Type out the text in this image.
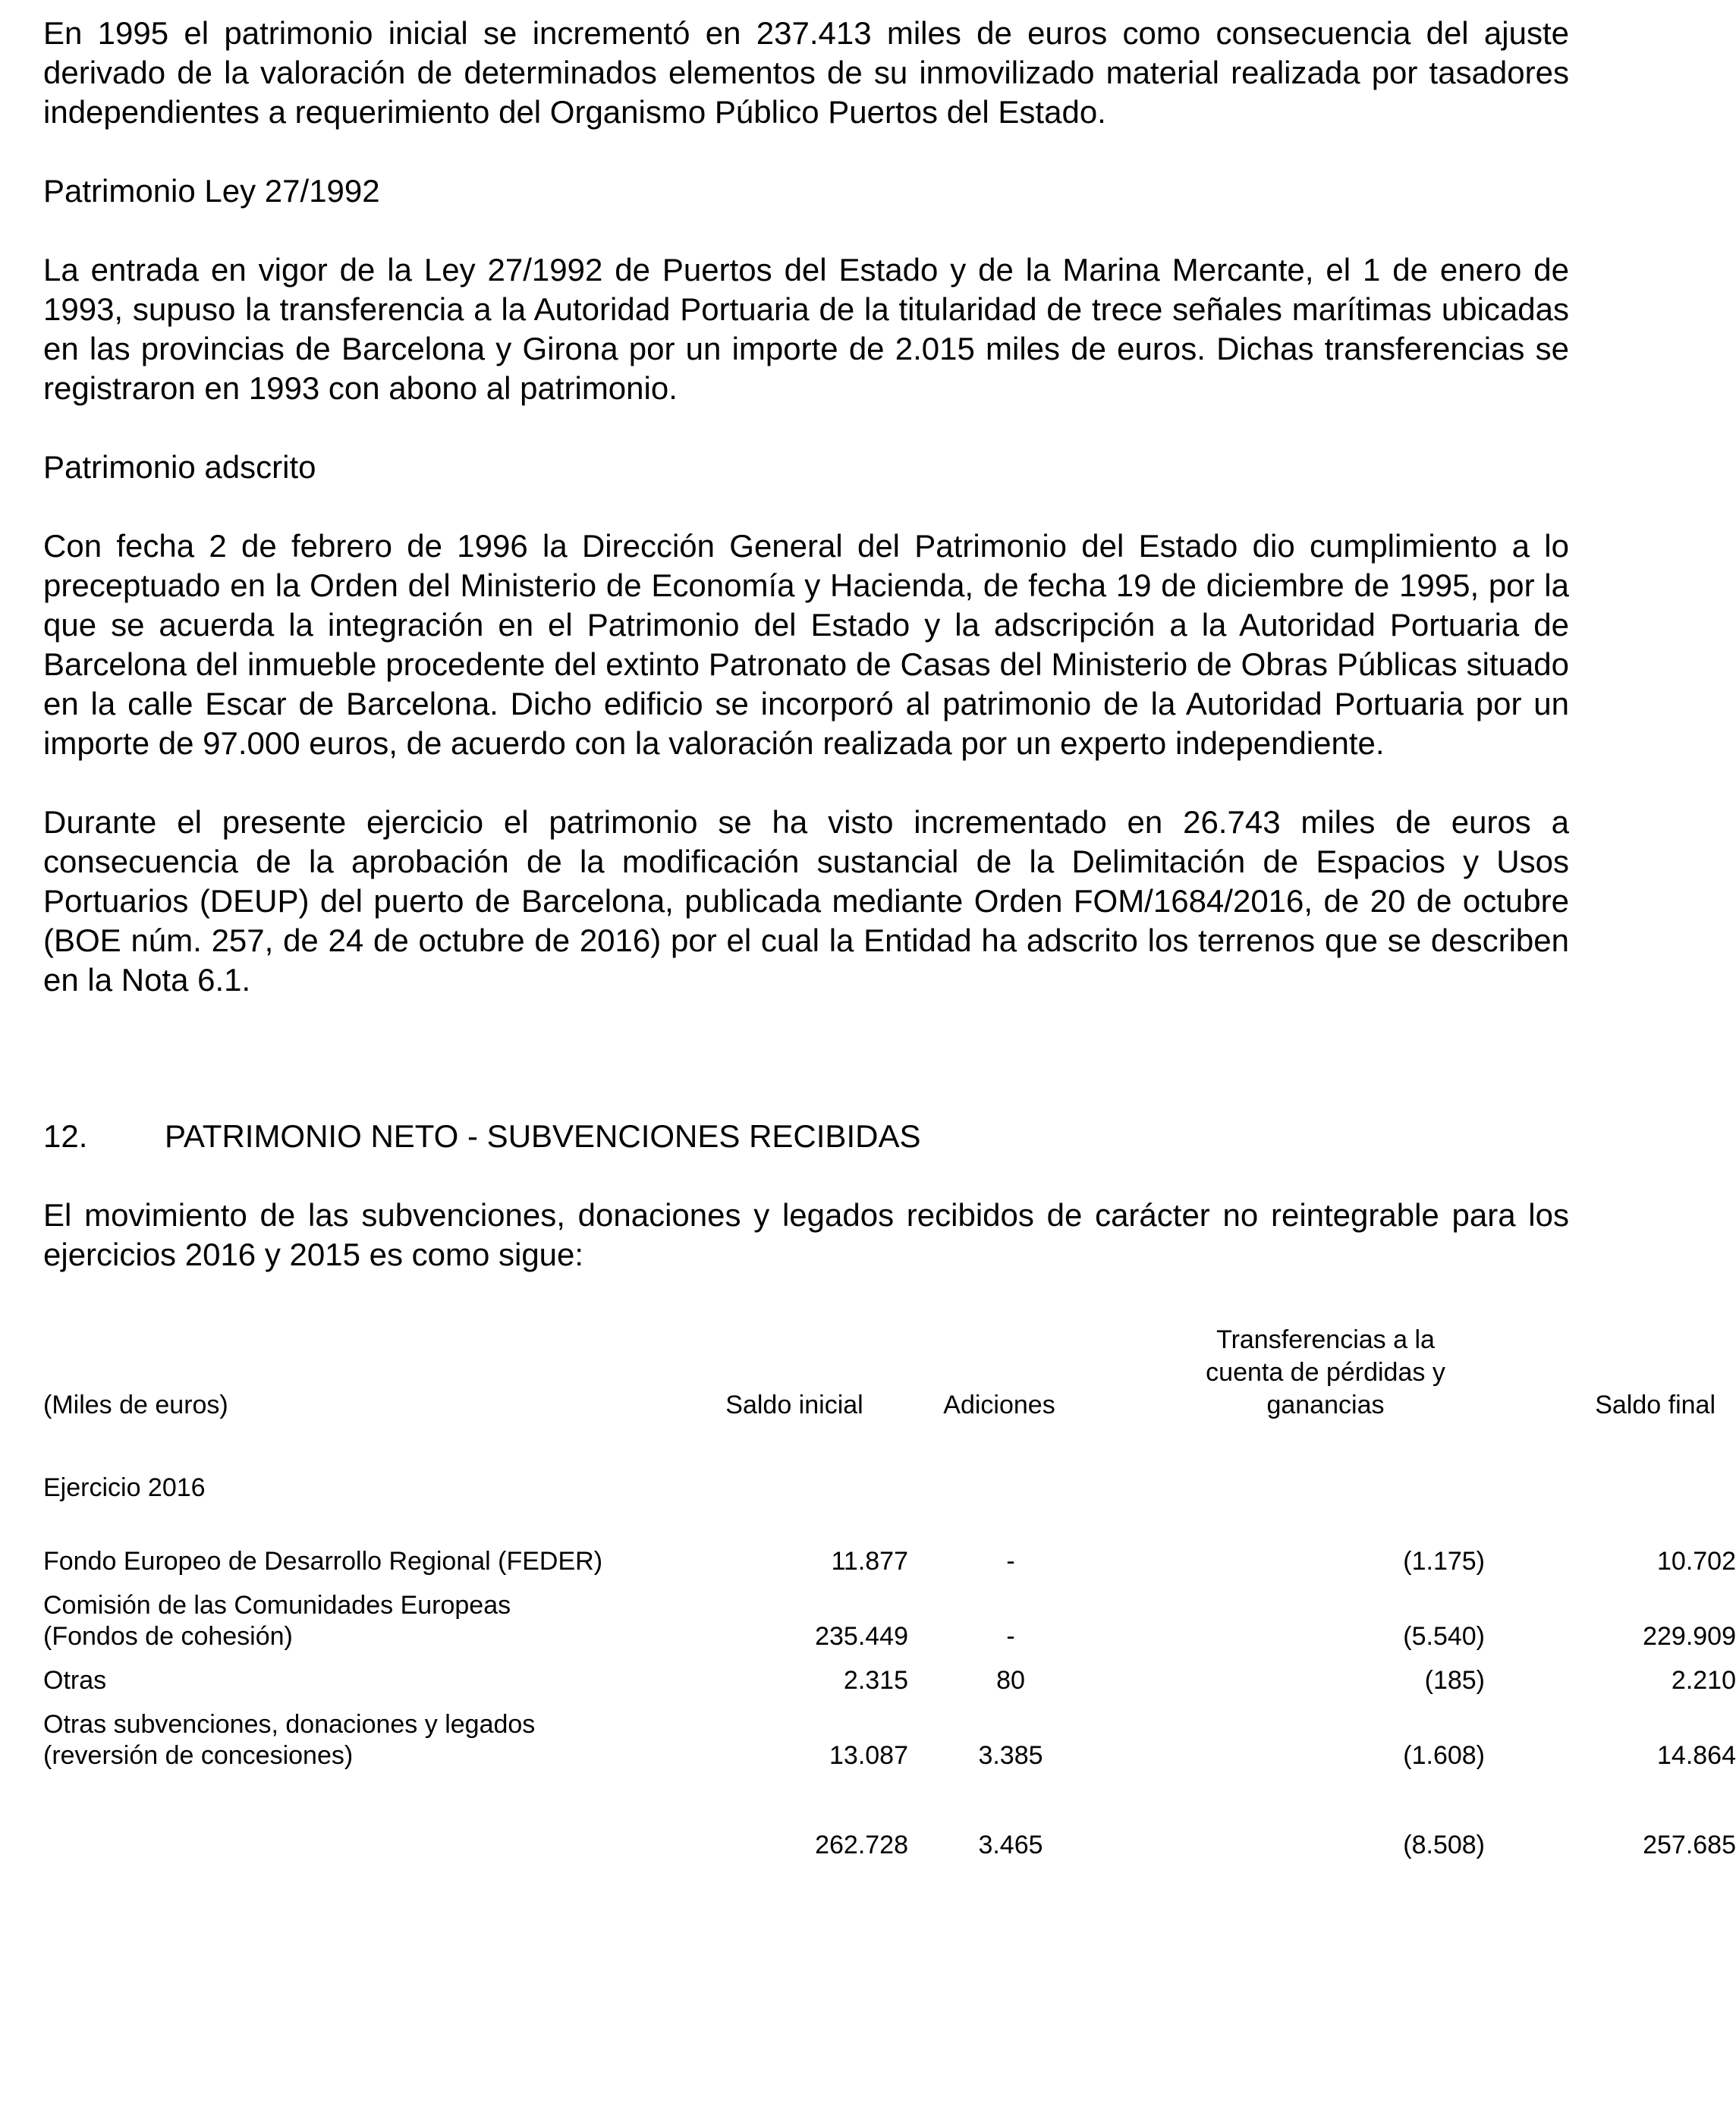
En 1995 el patrimonio inicial se incrementó en 237.413 miles de euros como consecuencia del ajuste derivado de la valoración de determinados elementos de su inmovilizado material realizada por tasadores independientes a requerimiento del Organismo Público Puertos del Estado.

Patrimonio Ley 27/1992

La entrada en vigor de la Ley 27/1992 de Puertos del Estado y de la Marina Mercante, el 1 de enero de 1993, supuso la transferencia a la Autoridad Portuaria de la titularidad de trece señales marítimas ubicadas en las provincias de Barcelona y Girona por un importe de 2.015 miles de euros. Dichas transferencias se registraron en 1993 con abono al patrimonio.

Patrimonio adscrito

Con fecha 2 de febrero de 1996 la Dirección General del Patrimonio del Estado dio cumplimiento a lo preceptuado en la Orden del Ministerio de Economía y Hacienda, de fecha 19 de diciembre de 1995, por la que se acuerda la integración en el Patrimonio del Estado y la adscripción a la Autoridad Portuaria de Barcelona del inmueble procedente del extinto Patronato de Casas del Ministerio de Obras Públicas situado en la calle Escar de Barcelona. Dicho edificio se incorporó al patrimonio de la Autoridad Portuaria por un importe de 97.000 euros, de acuerdo con la valoración realizada por un experto independiente.

Durante el presente ejercicio el patrimonio se ha visto incrementado en 26.743 miles de euros a consecuencia de la aprobación de la modificación sustancial de la Delimitación de Espacios y Usos Portuarios (DEUP) del puerto de Barcelona, publicada mediante Orden FOM/1684/2016, de 20 de octubre (BOE núm. 257, de 24 de octubre de 2016) por el cual la Entidad ha adscrito los terrenos que se describen en la Nota 6.1.

12. PATRIMONIO NETO - SUBVENCIONES RECIBIDAS

El movimiento de las subvenciones, donaciones y legados recibidos de carácter no reintegrable para los ejercicios 2016 y 2015 es como sigue:

(Miles de euros)	Saldo inicial	Adiciones	Transferencias a la
cuenta de pérdidas y
ganancias	Saldo final

Ejercicio 2016				

Fondo Europeo de Desarrollo Regional (FEDER)	11.877	-	(1.175)	10.702

Comisión de las Comunidades Europeas
(Fondos de cohesión)	235.449	-	(5.540)	229.909

Otras	2.315	80	(185)	2.210

Otras subvenciones, donaciones y legados
(reversión de concesiones)	13.087	3.385	(1.608)	14.864

	262.728	3.465	(8.508)	257.685
